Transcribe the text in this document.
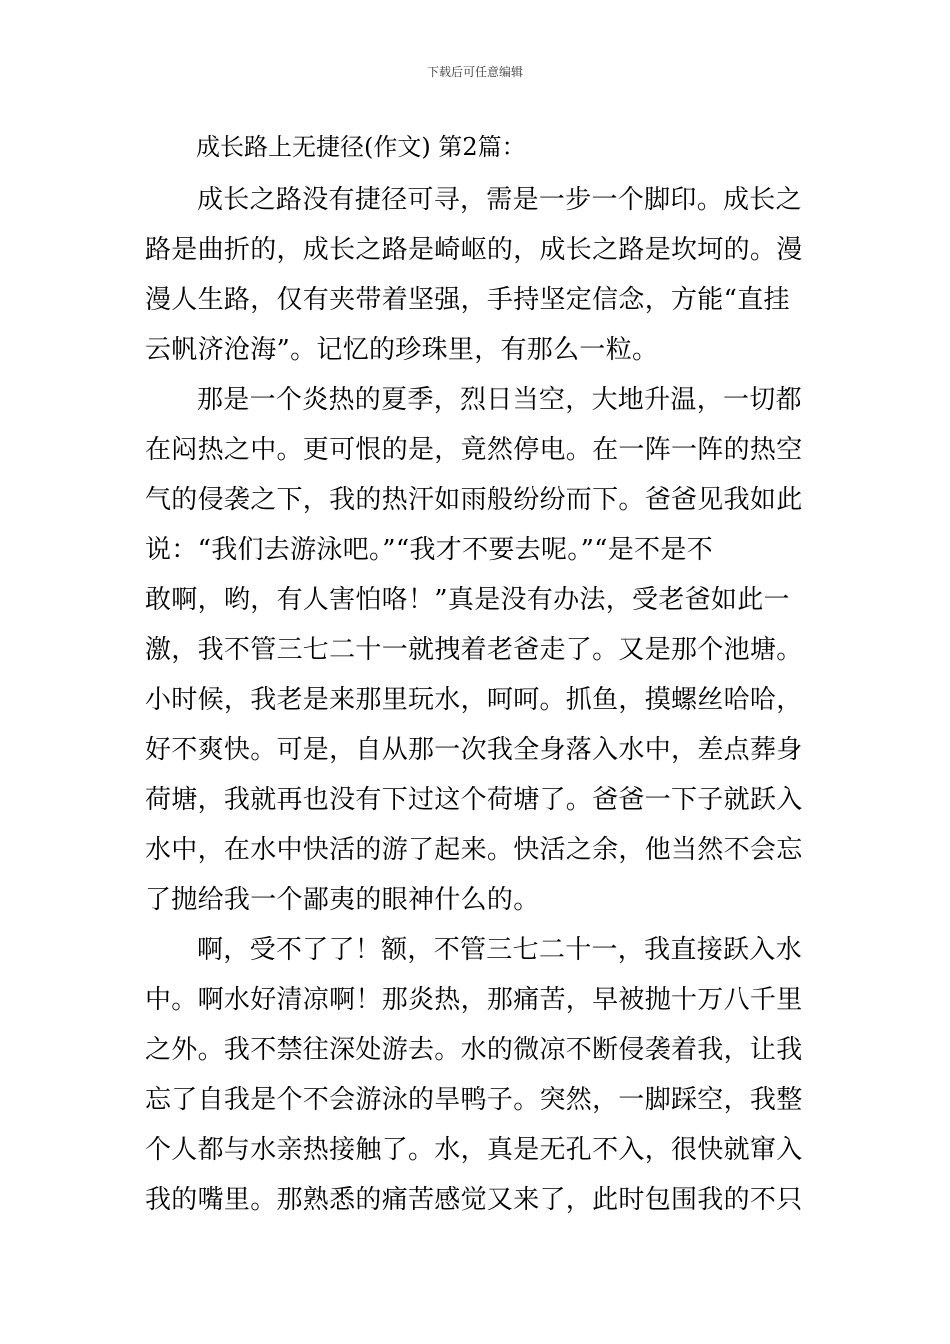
下载后可任意编辑
成长路上无捷径(作文) 第2篇：
成长之路没有捷径可寻，需是一步一个脚印。成长之
路是曲折的，成长之路是崎岖的，成长之路是坎坷的。漫
漫人生路，仅有夹带着坚强，手持坚定信念，方能“直挂
云帆济沧海”。记忆的珍珠里，有那么一粒。
那是一个炎热的夏季，烈日当空，大地升温，一切都
在闷热之中。更可恨的是，竟然停电。在一阵一阵的热空
气的侵袭之下，我的热汗如雨般纷纷而下。爸爸见我如此
说：“我们去游泳吧。”“我才不要去呢。”“是不是不
敢啊，哟，有人害怕咯！”真是没有办法，受老爸如此一
激，我不管三七二十一就拽着老爸走了。又是那个池塘。
小时候，我老是来那里玩水，呵呵。抓鱼，摸螺丝哈哈，
好不爽快。可是，自从那一次我全身落入水中，差点葬身
荷塘，我就再也没有下过这个荷塘了。爸爸一下子就跃入
水中，在水中快活的游了起来。快活之余，他当然不会忘
了抛给我一个鄙夷的眼神什么的。
啊，受不了了！额，不管三七二十一，我直接跃入水
中。啊水好清凉啊！那炎热，那痛苦，早被抛十万八千里
之外。我不禁往深处游去。水的微凉不断侵袭着我，让我
忘了自我是个不会游泳的旱鸭子。突然，一脚踩空，我整
个人都与水亲热接触了。水，真是无孔不入，很快就窜入
我的嘴里。那熟悉的痛苦感觉又来了，此时包围我的不只
